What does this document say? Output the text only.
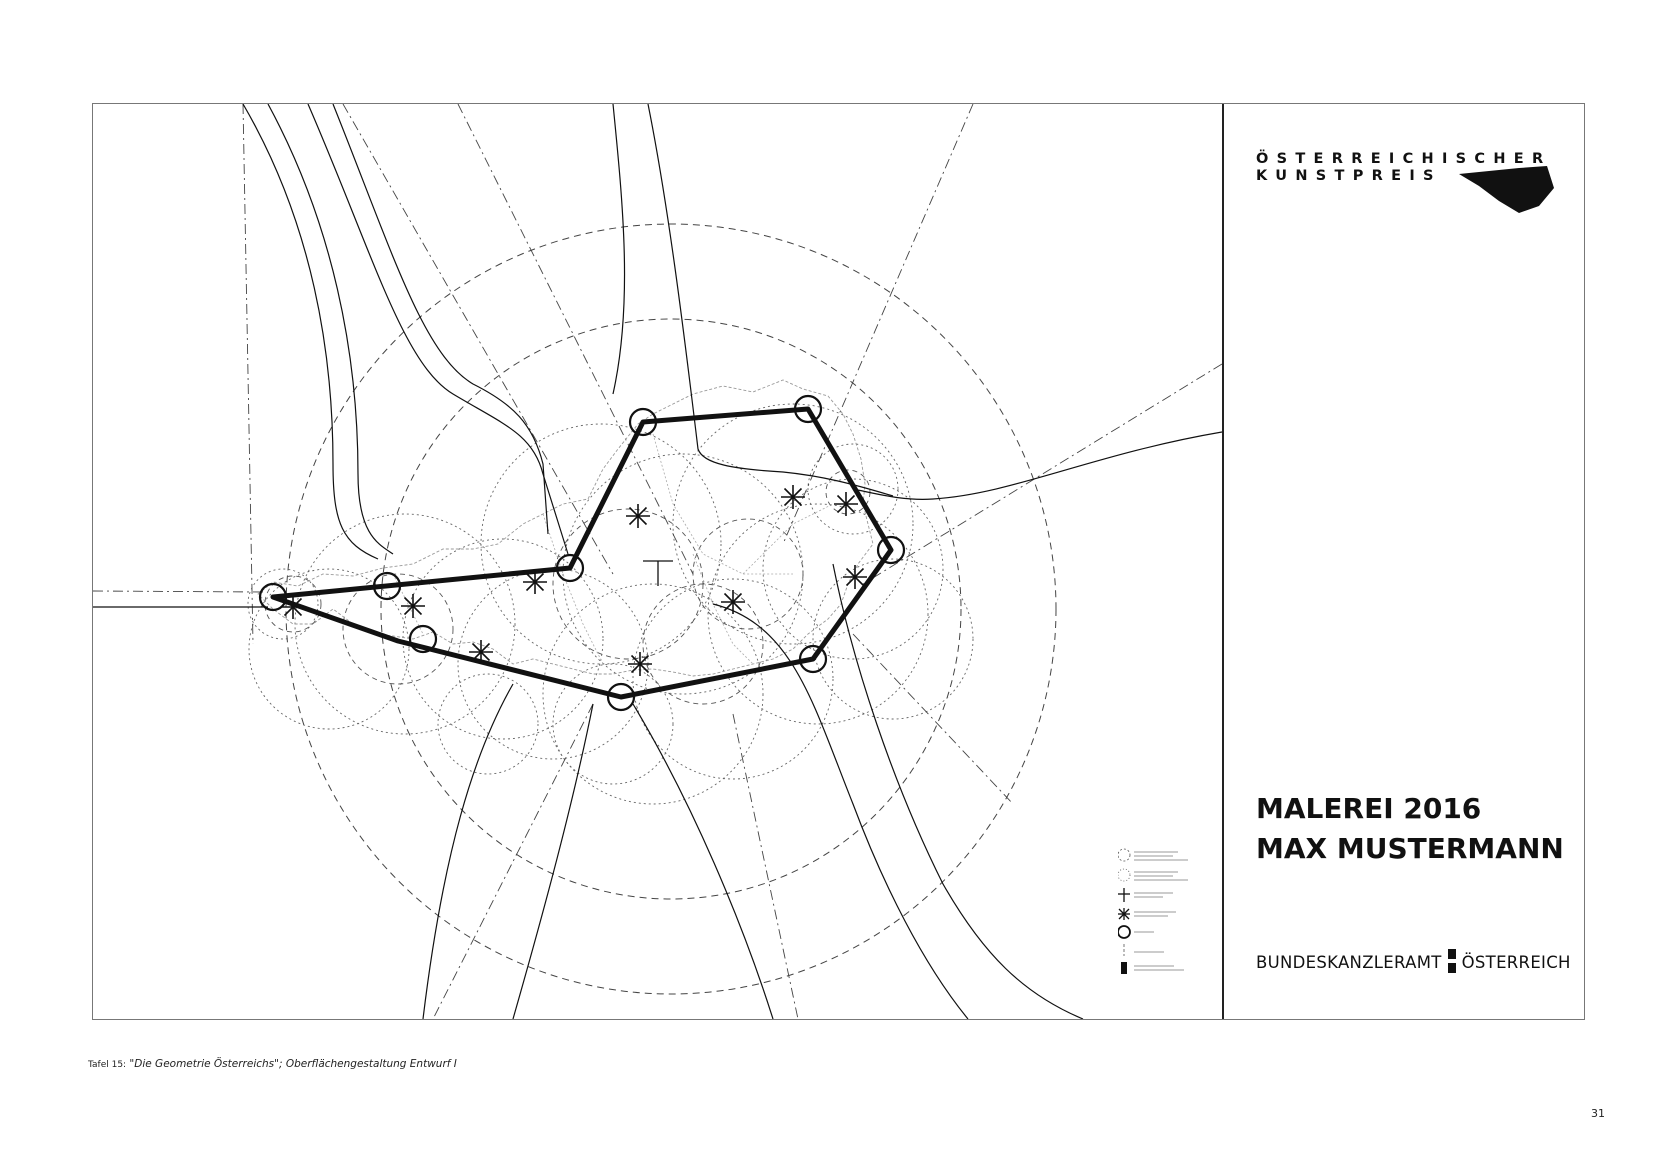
ÖSTERREICHISCHER
KUNSTPREIS
MALEREI 2016
MAX MUSTERMANN
BUNDESKANZLERAMT ÖSTERREICH
Tafel 15: "Die Geometrie Österreichs"; Oberflächengestaltung Entwurf I
31
